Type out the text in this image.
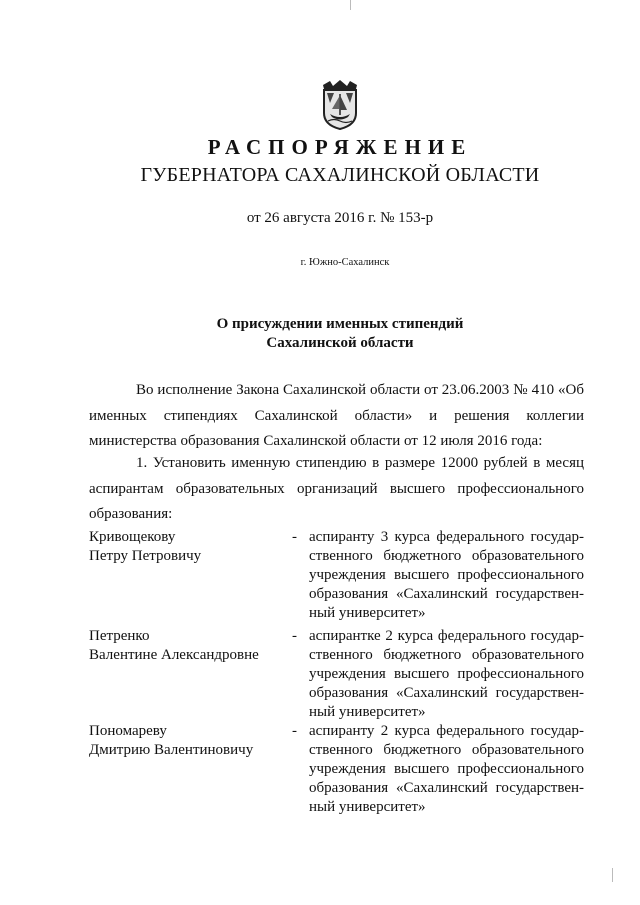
РАСПОРЯЖЕНИЕ
ГУБЕРНАТОРА САХАЛИНСКОЙ ОБЛАСТИ
от 26 августа 2016 г. № 153-р
г. Южно-Сахалинск
О присуждении именных стипендий
Сахалинской области
Во исполнение Закона Сахалинской области от 23.06.2003 № 410 «Об именных стипендиях Сахалинской области» и решения коллегии министерства образования Сахалинской области от 12 июля 2016 года:
1. Установить именную стипендию в размере 12000 рублей в месяц аспирантам образовательных организаций высшего профессионального образования:
Кривощекову
Петру Петровичу
- аспиранту 3 курса федерального государ-ственного бюджетного образовательного учреждения высшего профессионального образования «Сахалинский государствен-ный университет»
Петренко
Валентине Александровне
- аспирантке 2 курса федерального государ-ственного бюджетного образовательного учреждения высшего профессионального образования «Сахалинский государствен-ный университет»
Пономареву
Дмитрию Валентиновичу
- аспиранту 2 курса федерального государ-ственного бюджетного образовательного учреждения высшего профессионального образования «Сахалинский государствен-ный университет»
